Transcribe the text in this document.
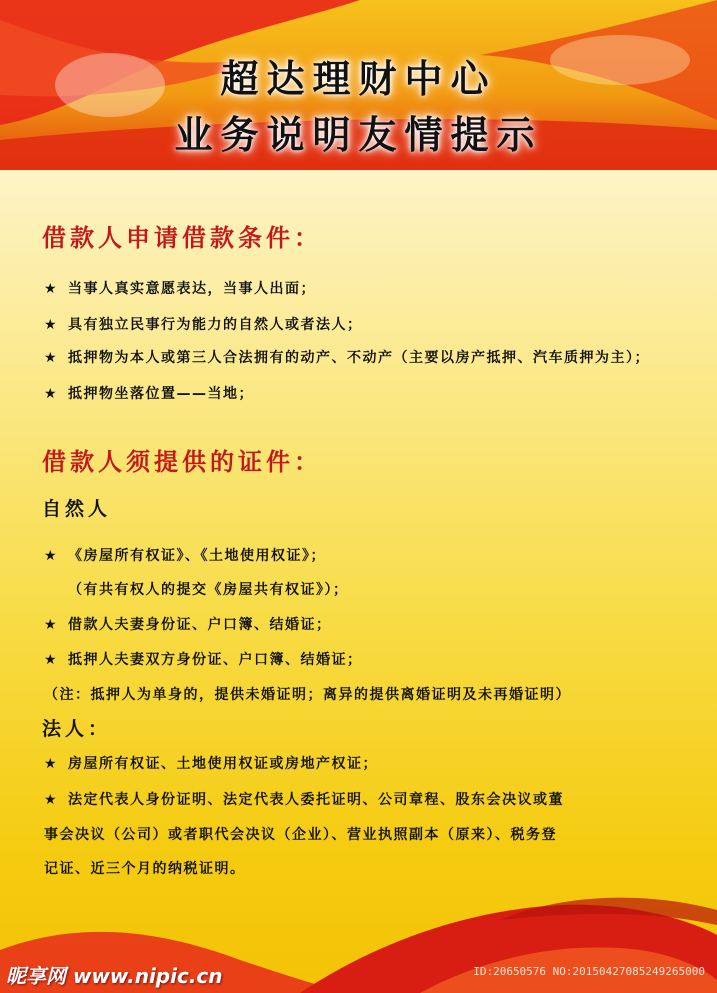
超达理财中心
业务说明友情提示
借款人申请借款条件：
★ 当事人真实意愿表达，当事人出面；
★ 具有独立民事行为能力的自然人或者法人；
★ 抵押物为本人或第三人合法拥有的动产、不动产（主要以房产抵押、汽车质押为主）；
★ 抵押物坐落位置——当地；
借款人须提供的证件：
自然人
★ 《房屋所有权证》、《土地使用权证》；
（有共有权人的提交《房屋共有权证》）；
★ 借款人夫妻身份证、户口簿、结婚证；
★ 抵押人夫妻双方身份证、户口簿、结婚证；
（注：抵押人为单身的，提供未婚证明；离异的提供离婚证明及未再婚证明）
法人：
★ 房屋所有权证、土地使用权证或房地产权证；
★ 法定代表人身份证明、法定代表人委托证明、公司章程、股东会决议或董
事会决议（公司）或者职代会决议（企业）、营业执照副本（原来）、税务登
记证、近三个月的纳税证明。
昵享网 www.nipic.cn	ID:20650576 NO:20150427085249265000
